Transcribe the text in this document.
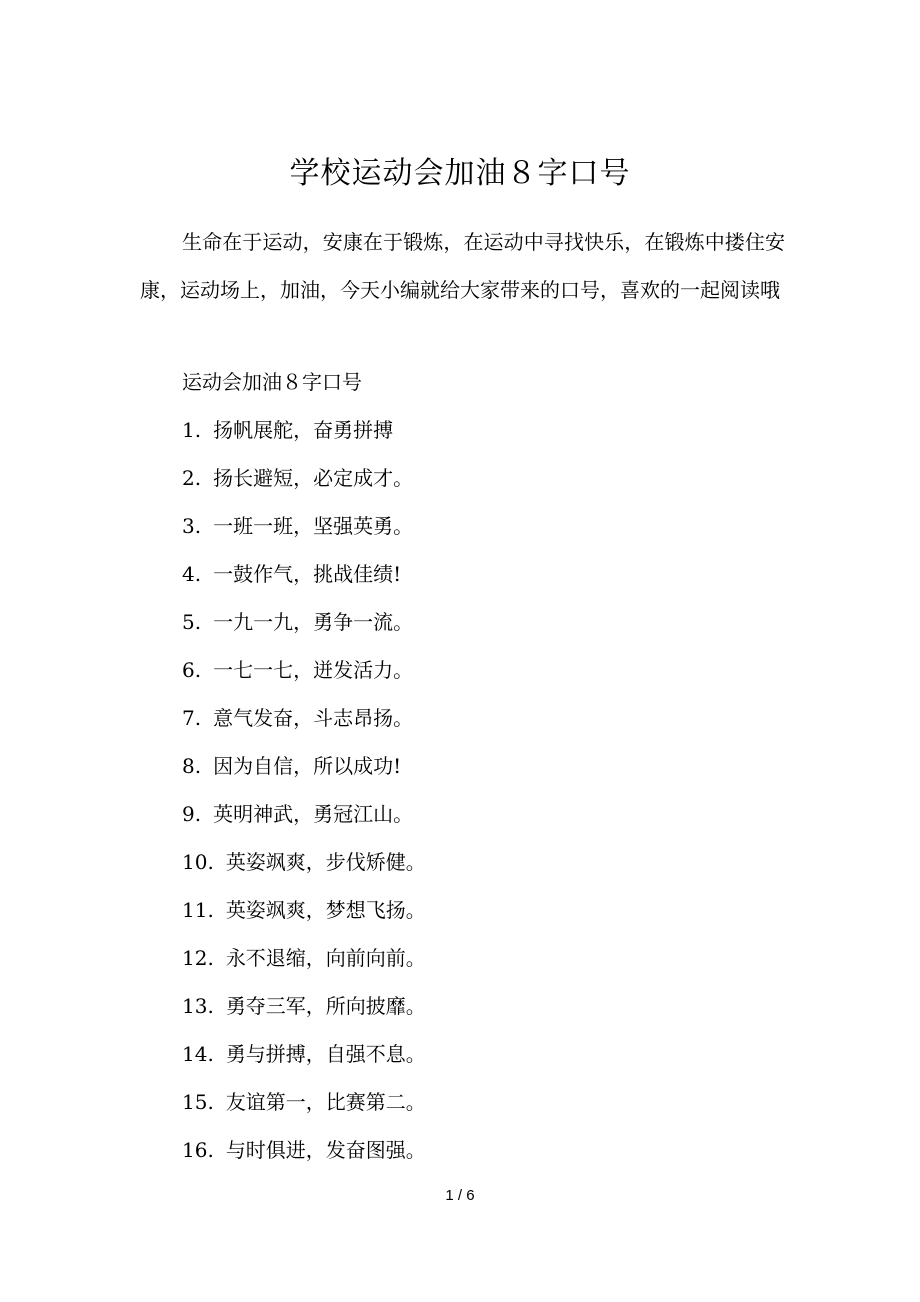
学校运动会加油８字口号

生命在于运动，安康在于锻炼，在运动中寻找快乐，在锻炼中搂住安康，运动场上，加油，今天小编就给大家带来的口号，喜欢的一起阅读哦

运动会加油８字口号
1. 扬帆展舵，奋勇拼搏
2. 扬长避短，必定成才。
3. 一班一班，坚强英勇。
4. 一鼓作气，挑战佳绩!
5. 一九一九，勇争一流。
6. 一七一七，迸发活力。
7. 意气发奋，斗志昂扬。
8. 因为自信，所以成功!
9. 英明神武，勇冠江山。
10. 英姿飒爽，步伐矫健。
11. 英姿飒爽，梦想飞扬。
12. 永不退缩，向前向前。
13. 勇夺三军，所向披靡。
14. 勇与拼搏，自强不息。
15. 友谊第一，比赛第二。
16. 与时俱进，发奋图强。
1 / 6
